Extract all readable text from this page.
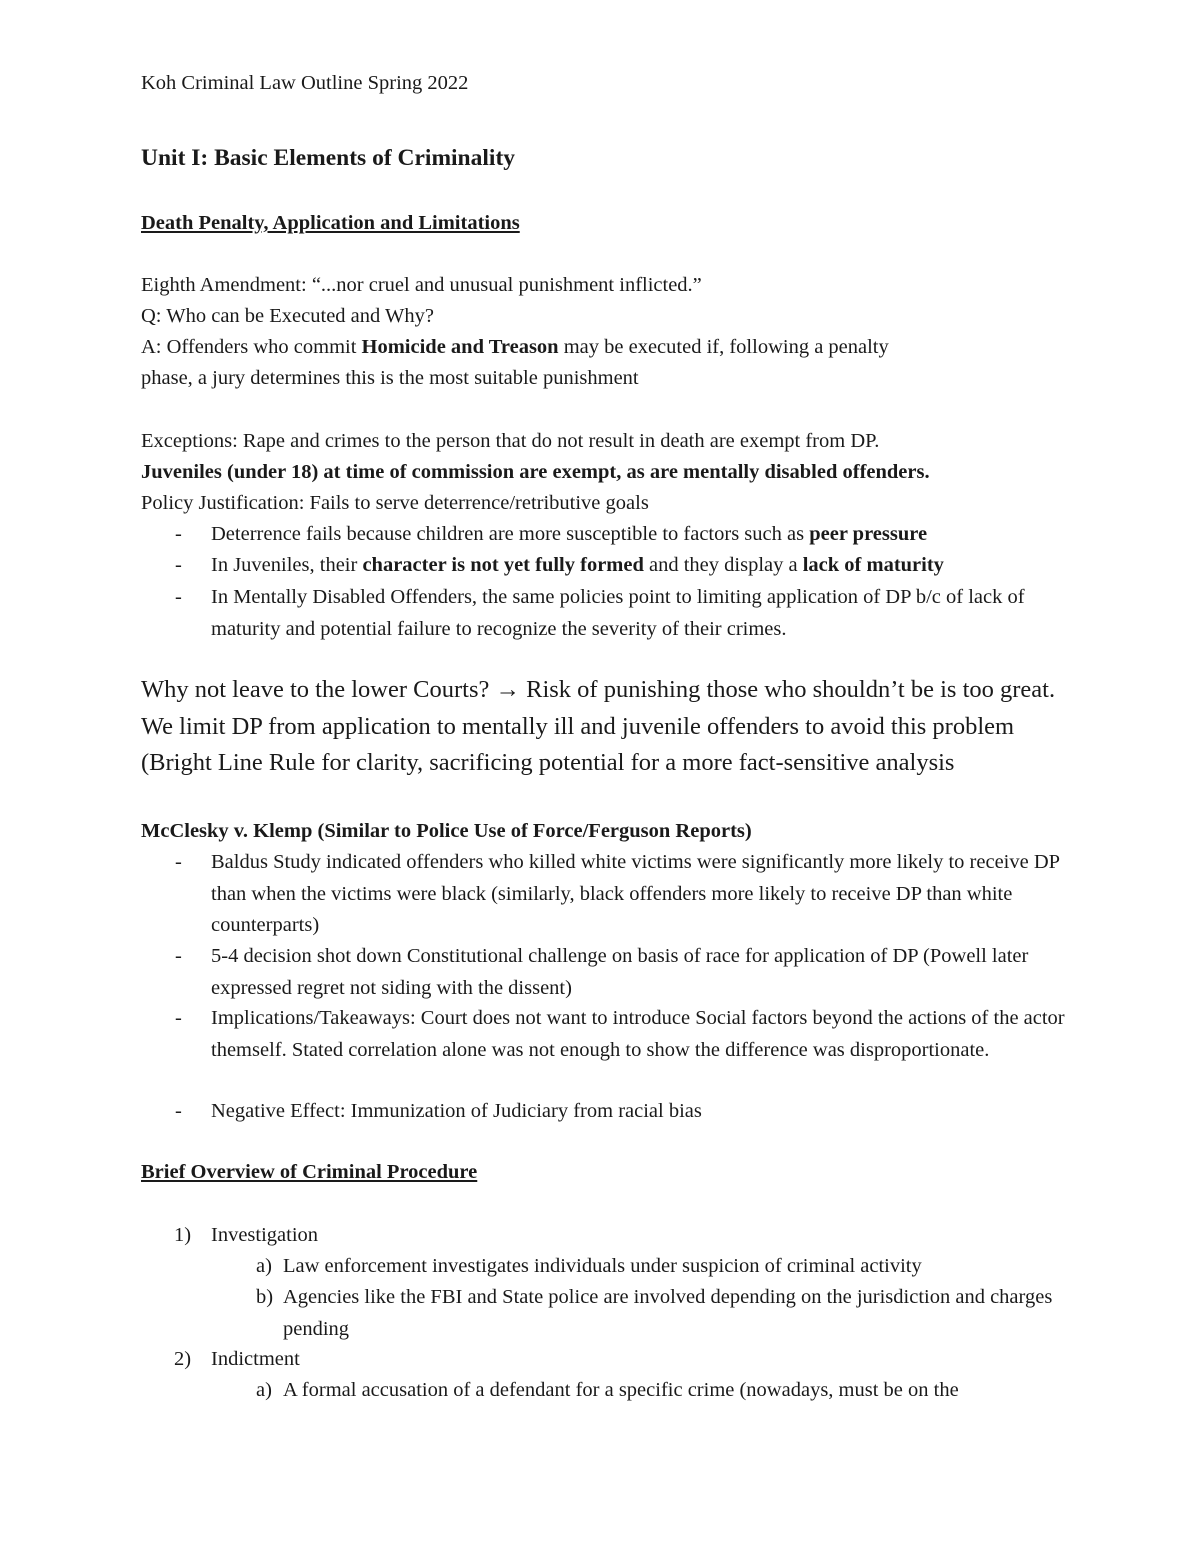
Koh Criminal Law Outline Spring 2022
Unit I: Basic Elements of Criminality
Death Penalty, Application and Limitations
Eighth Amendment: “...nor cruel and unusual punishment inflicted.”
Q: Who can be Executed and Why?
A: Offenders who commit Homicide and Treason may be executed if, following a penalty
phase, a jury determines this is the most suitable punishment
Exceptions: Rape and crimes to the person that do not result in death are exempt from DP.
Juveniles (under 18) at time of commission are exempt, as are mentally disabled offenders.
Policy Justification: Fails to serve deterrence/retributive goals
- Deterrence fails because children are more susceptible to factors such as peer pressure
- In Juveniles, their character is not yet fully formed and they display a lack of maturity
- In Mentally Disabled Offenders, the same policies point to limiting application of DP b/c of lack of maturity and potential failure to recognize the severity of their crimes.
Why not leave to the lower Courts? → Risk of punishing those who shouldn’t be is too great. We limit DP from application to mentally ill and juvenile offenders to avoid this problem (Bright Line Rule for clarity, sacrificing potential for a more fact-sensitive analysis
McClesky v. Klemp (Similar to Police Use of Force/Ferguson Reports)
- Baldus Study indicated offenders who killed white victims were significantly more likely to receive DP than when the victims were black (similarly, black offenders more likely to receive DP than white counterparts)
- 5-4 decision shot down Constitutional challenge on basis of race for application of DP (Powell later expressed regret not siding with the dissent)
- Implications/Takeaways: Court does not want to introduce Social factors beyond the actions of the actor themself. Stated correlation alone was not enough to show the difference was disproportionate.
- Negative Effect: Immunization of Judiciary from racial bias
Brief Overview of Criminal Procedure
1) Investigation
a) Law enforcement investigates individuals under suspicion of criminal activity
b) Agencies like the FBI and State police are involved depending on the jurisdiction and charges pending
2) Indictment
a) A formal accusation of a defendant for a specific crime (nowadays, must be on the
